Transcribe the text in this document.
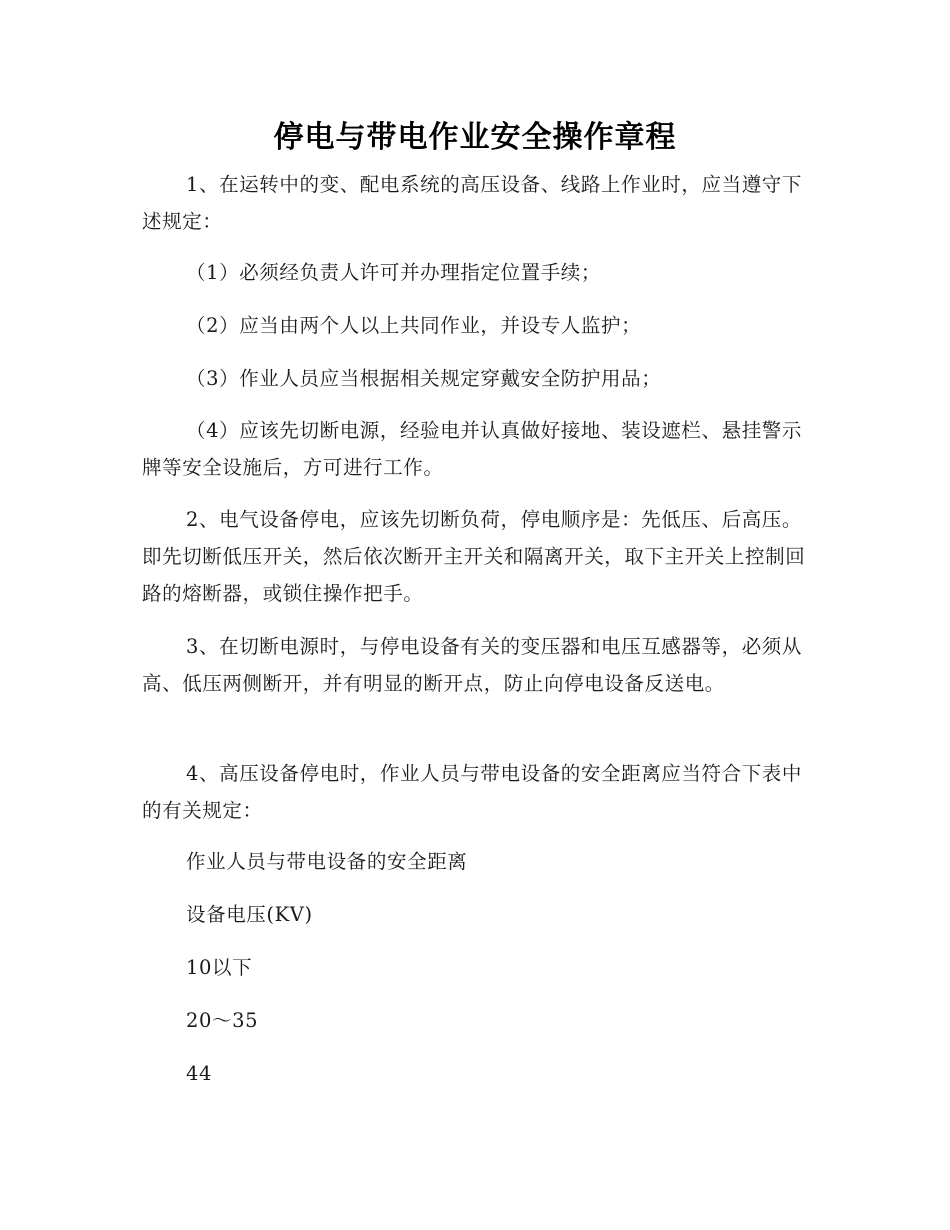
停电与带电作业安全操作章程

1、在运转中的变、配电系统的高压设备、线路上作业时，应当遵守下述规定：

（1）必须经负责人许可并办理指定位置手续；

（2）应当由两个人以上共同作业，并设专人监护；

（3）作业人员应当根据相关规定穿戴安全防护用品；

（4）应该先切断电源，经验电并认真做好接地、装设遮栏、悬挂警示牌等安全设施后，方可进行工作。

2、电气设备停电，应该先切断负荷，停电顺序是：先低压、后高压。即先切断低压开关，然后依次断开主开关和隔离开关，取下主开关上控制回路的熔断器，或锁住操作把手。

3、在切断电源时，与停电设备有关的变压器和电压互感器等，必须从高、低压两侧断开，并有明显的断开点，防止向停电设备反送电。

4、高压设备停电时，作业人员与带电设备的安全距离应当符合下表中的有关规定：

作业人员与带电设备的安全距离

设备电压(KV)

10以下

20～35

44
